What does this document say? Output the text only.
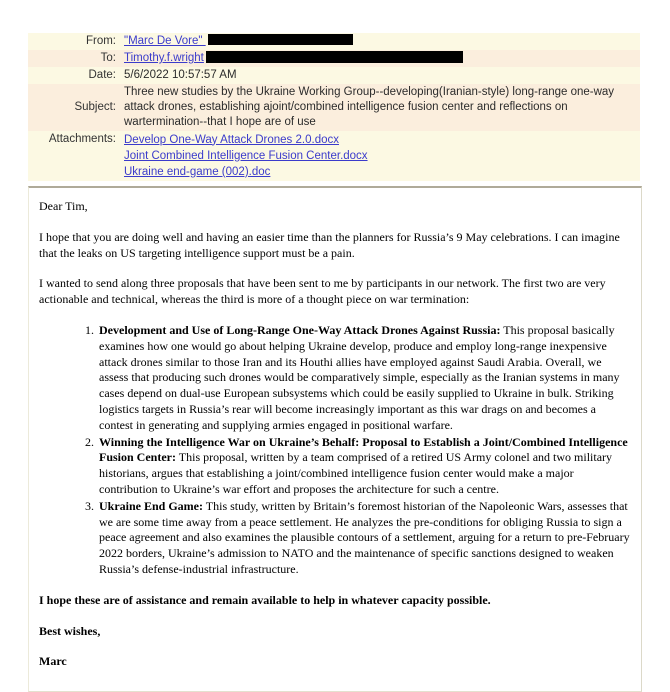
From: "Marc De Vore"
To: Timothy.f.wright
Date: 5/6/2022 10:57:57 AM
Subject:
Three new studies by the Ukraine Working Group--developing(Iranian-style) long-range one-way attack drones, establishing ajoint/combined intelligence fusion center and reflections on wartermination--that I hope are of use
Attachments: Develop One-Way Attack Drones 2.0.docx
Joint Combined Intelligence Fusion Center.docx
Ukraine end-game (002).doc

Dear Tim,

I hope that you are doing well and having an easier time than the planners for Russia’s 9 May celebrations. I can imagine that the leaks on US targeting intelligence support must be a pain.

I wanted to send along three proposals that have been sent to me by participants in our network. The first two are very actionable and technical, whereas the third is more of a thought piece on war termination:

1. Development and Use of Long-Range One-Way Attack Drones Against Russia: This proposal basically examines how one would go about helping Ukraine develop, produce and employ long-range inexpensive attack drones similar to those Iran and its Houthi allies have employed against Saudi Arabia. Overall, we assess that producing such drones would be comparatively simple, especially as the Iranian systems in many cases depend on dual-use European subsystems which could be easily supplied to Ukraine in bulk. Striking logistics targets in Russia’s rear will become increasingly important as this war drags on and becomes a contest in generating and supplying armies engaged in positional warfare.
2. Winning the Intelligence War on Ukraine’s Behalf: Proposal to Establish a Joint/Combined Intelligence Fusion Center: This proposal, written by a team comprised of a retired US Army colonel and two military historians, argues that establishing a joint/combined intelligence fusion center would make a major contribution to Ukraine’s war effort and proposes the architecture for such a centre.
3. Ukraine End Game: This study, written by Britain’s foremost historian of the Napoleonic Wars, assesses that we are some time away from a peace settlement. He analyzes the pre-conditions for obliging Russia to sign a peace agreement and also examines the plausible contours of a settlement, arguing for a return to pre-February 2022 borders, Ukraine’s admission to NATO and the maintenance of specific sanctions designed to weaken Russia’s defense-industrial infrastructure.

I hope these are of assistance and remain available to help in whatever capacity possible.

Best wishes,

Marc
